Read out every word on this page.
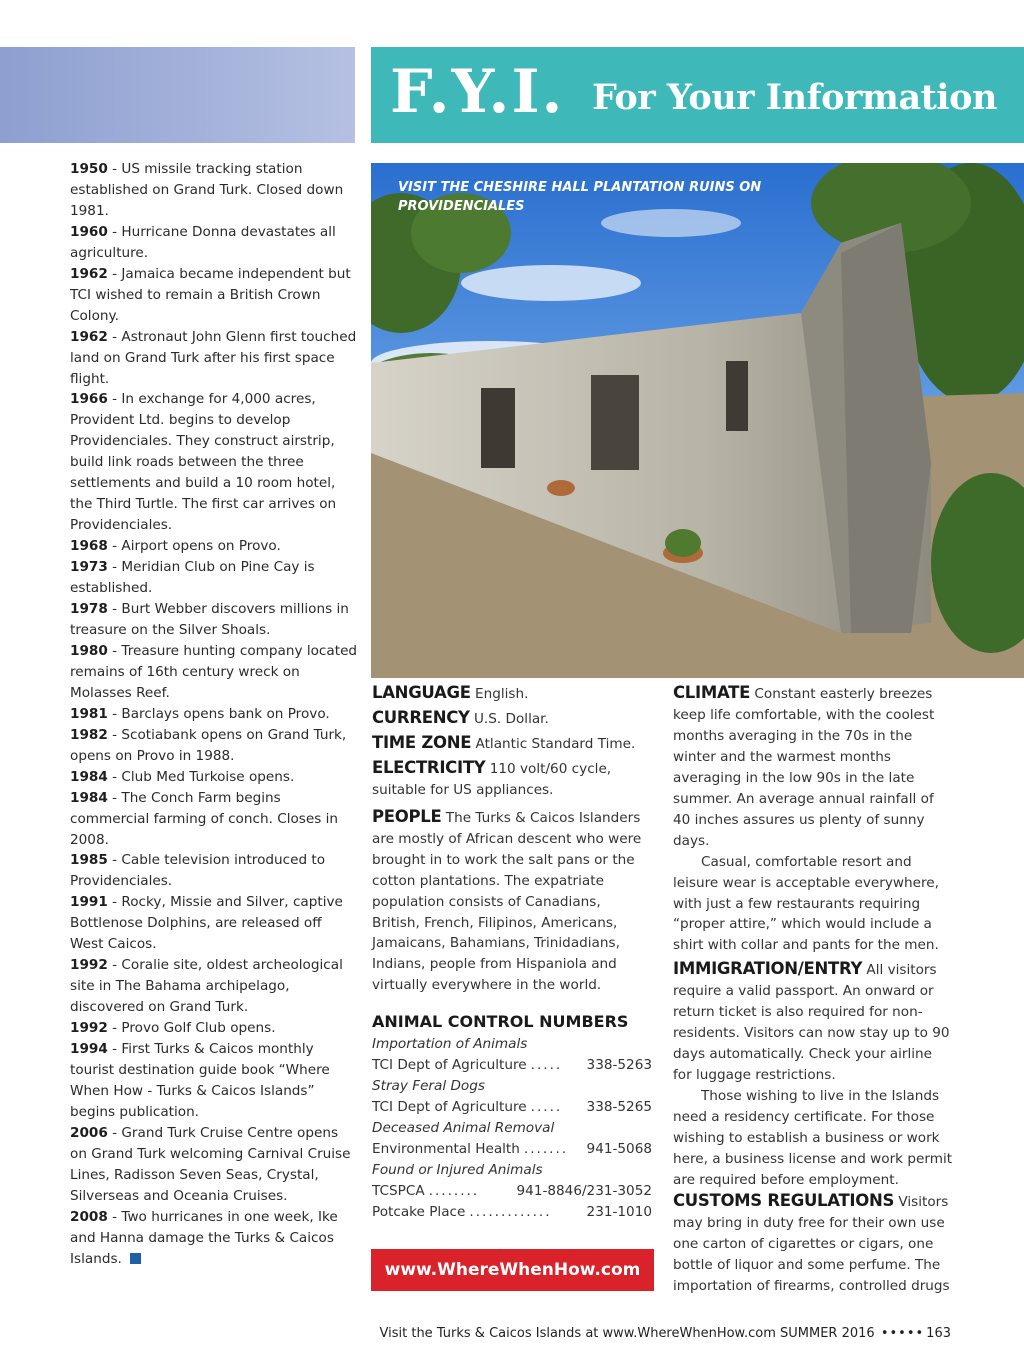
F.Y.I. For Your Information
VISIT THE CHESHIRE HALL PLANTATION RUINS ON PROVIDENCIALES

1950 - US missile tracking station established on Grand Turk. Closed down 1981.

1960 - Hurricane Donna devastates all agriculture.

1962 - Jamaica became independent but TCI wished to remain a British Crown Colony.

1962 - Astronaut John Glenn first touched land on Grand Turk after his first space flight.

1966 - In exchange for 4,000 acres, Provident Ltd. begins to develop Providenciales. They construct airstrip, build link roads between the three settlements and build a 10 room hotel, the Third Turtle. The first car arrives on Providenciales.

1968 - Airport opens on Provo.

1973 - Meridian Club on Pine Cay is established.

1978 - Burt Webber discovers millions in treasure on the Silver Shoals.

1980 - Treasure hunting company located remains of 16th century wreck on Molasses Reef.

1981 - Barclays opens bank on Provo.

1982 - Scotiabank opens on Grand Turk, opens on Provo in 1988.

1984 - Club Med Turkoise opens.

1984 - The Conch Farm begins commercial farming of conch. Closes in 2008.

1985 - Cable television introduced to Providenciales.

1991 - Rocky, Missie and Silver, captive Bottlenose Dolphins, are released off West Caicos.

1992 - Coralie site, oldest archeological site in The Bahama archipelago, discovered on Grand Turk.

1992 - Provo Golf Club opens.

1994 - First Turks & Caicos monthly tourist destination guide book “Where When How - Turks & Caicos Islands” begins publication.

2006 - Grand Turk Cruise Centre opens on Grand Turk welcoming Carnival Cruise Lines, Radisson Seven Seas, Crystal, Silverseas and Oceania Cruises.

2008 - Two hurricanes in one week, Ike and Hanna damage the Turks & Caicos Islands.

LANGUAGE English.

CURRENCY U.S. Dollar.

TIME ZONE Atlantic Standard Time.

ELECTRICITY 110 volt/60 cycle, suitable for US appliances.

PEOPLE The Turks & Caicos Islanders are mostly of African descent who were brought in to work the salt pans or the cotton plantations. The expatriate population consists of Canadians, British, French, Filipinos, Americans, Jamaicans, Bahamians, Trinidadians, Indians, people from Hispaniola and virtually everywhere in the world.

ANIMAL CONTROL NUMBERS

Importation of Animals

TCI Dept of Agriculture .....	338-5263

Stray Feral Dogs

TCI Dept of Agriculture .....	338-5265

Deceased Animal Removal

Environmental Health .......	941-5068

Found or Injured Animals

TCSPCA ........	941-8846/231-3052
Potcake Place .............	231-1010
www.WhereWhenHow.com

CLIMATE Constant easterly breezes keep life comfortable, with the coolest months averaging in the 70s in the winter and the warmest months averaging in the low 90s in the late summer. An average annual rainfall of 40 inches assures us plenty of sunny days.

Casual, comfortable resort and leisure wear is acceptable everywhere, with just a few restaurants requiring “proper attire,” which would include a shirt with collar and pants for the men.

IMMIGRATION/ENTRY All visitors require a valid passport. An onward or return ticket is also required for non-residents. Visitors can now stay up to 90 days automatically. Check your airline for luggage restrictions.

Those wishing to live in the Islands need a residency certificate. For those wishing to establish a business or work here, a business license and work permit are required before employment.

CUSTOMS REGULATIONS Visitors may bring in duty free for their own use one carton of cigarettes or cigars, one bottle of liquor and some perfume. The importation of firearms, controlled drugs

Visit the Turks & Caicos Islands at www.WhereWhenHow.com SUMMER 2016 ••••• 163
